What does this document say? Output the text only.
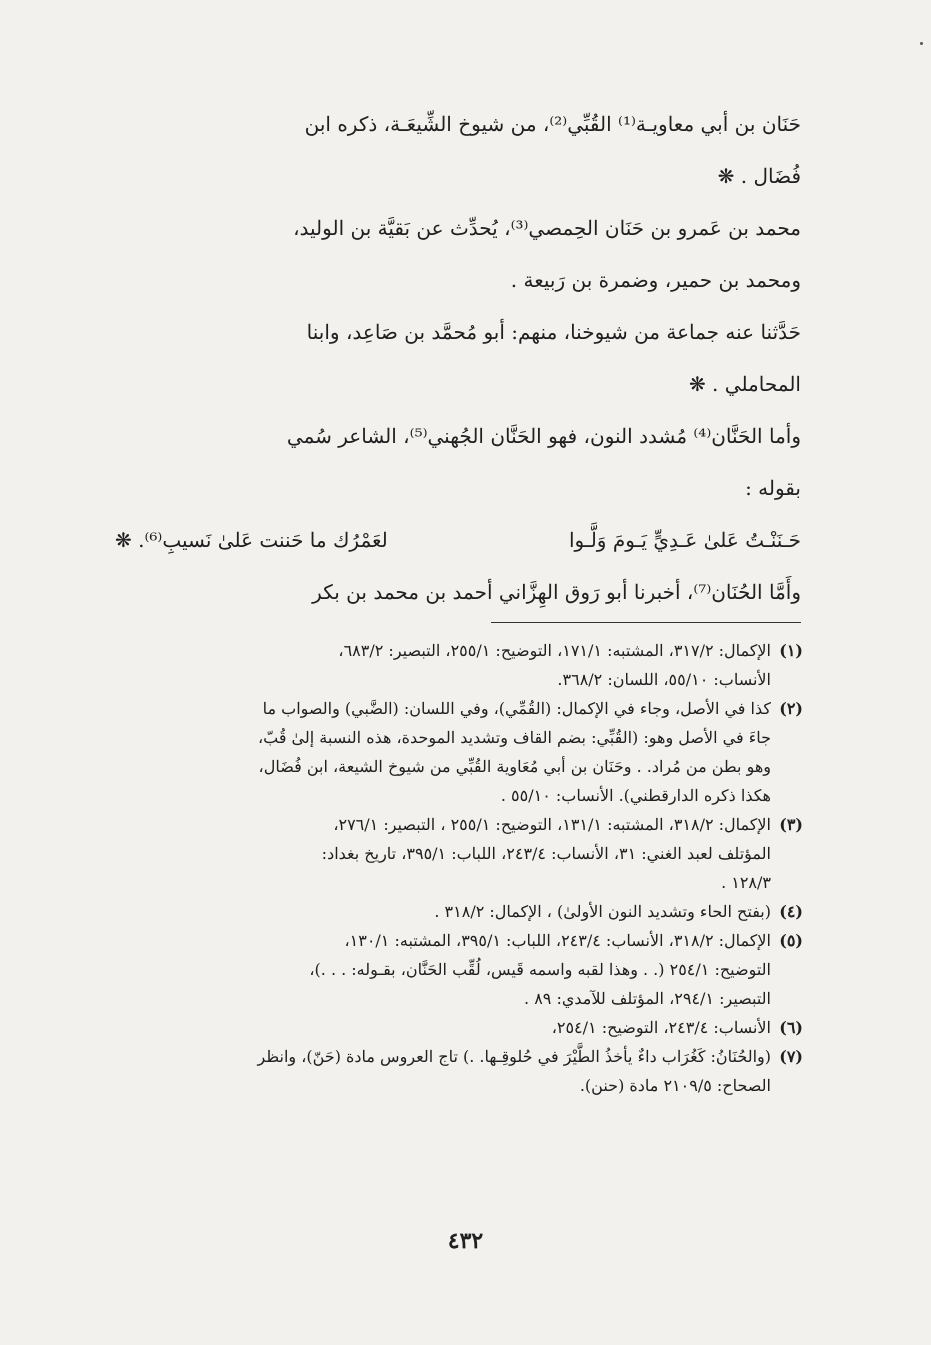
حَنَان بن أبي معاويـة⁽¹⁾ القُبِّي⁽²⁾، من شيوخ الشِّيعَـة، ذكره ابن
فُضَال . ❋

محمد بن عَمرو بن حَنَان الحِمصي⁽³⁾، يُحدِّث عن بَقيَّة بن الوليد،
ومحمد بن حمير، وضمرة بن رَبيعة .

حَدَّثنا عنه جماعة من شيوخنا، منهم: أبو مُحمَّد بن صَاعِد، وابنا
المحاملي . ❋

وأما الحَنَّان⁽⁴⁾ مُشدد النون، فهو الحَنَّان الجُهني⁽⁵⁾، الشاعر سُمي
بقوله :

حَـنَنْـتُ عَلىٰ عَـدِيٍّ يَـومَ وَلَّـوا
لعَمْرُك ما حَننت عَلىٰ نَسيبِ⁽⁶⁾. ❋

وأَمَّا الحُنَان⁽⁷⁾، أخبرنا أبو رَوق الهِزَّاني أحمد بن محمد بن بكر

(١)
الإكمال: ٣١٧/٢، المشتبه: ١٧١/١، التوضيح: ٢٥٥/١، التبصير: ٦٨٣/٢،
الأنساب: ٥٥/١٠، اللسان: ٣٦٨/٢.
(٢)
كذا في الأصل، وجاء في الإكمال: (القُمِّي)، وفي اللسان: (الضَّبي) والصواب ما
جاءَ في الأصل وهو: (القُبِّي: بضم القاف وتشديد الموحدة، هذه النسبة إلىٰ قُبّ،
وهو بطن من مُراد. . وحَنَان بن أبي مُعَاوية القُبِّي من شيوخ الشيعة، ابن فُضَال،
هكذا ذكره الدارقطني). الأنساب: ٥٥/١٠ .
(٣)
الإكمال: ٣١٨/٢، المشتبه: ١٣١/١، التوضيح: ٢٥٥/١ ، التبصير: ٢٧٦/١،
المؤتلف لعبد الغني: ٣١، الأنساب: ٢٤٣/٤، اللباب: ٣٩٥/١، تاريخ بغداد:
١٢٨/٣ .
(٤)
(بفتح الحاء وتشديد النون الأولىٰ) ، الإكمال: ٣١٨/٢ .
(٥)
الإكمال: ٣١٨/٢، الأنساب: ٢٤٣/٤، اللباب: ٣٩٥/١، المشتبه: ١٣٠/١،
التوضيح: ٢٥٤/١ (. . وهذا لقبه واسمه قَيس، لُقِّب الحَنَّان، بقـوله: . . .)،
التبصير: ٢٩٤/١، المؤتلف للآمدي: ٨٩ .
(٦)
الأنساب: ٢٤٣/٤، التوضيح: ٢٥٤/١،
(٧)
(والحُنَانُ: كَغُرَاب داءٌ يأخذُ الطَّيْرَ في حُلوقِـها. .) تاج العروس مادة (حَنّ)، وانظر
الصحاح: ٢١٠٩/٥ مادة (حنن).
٤٣٢
